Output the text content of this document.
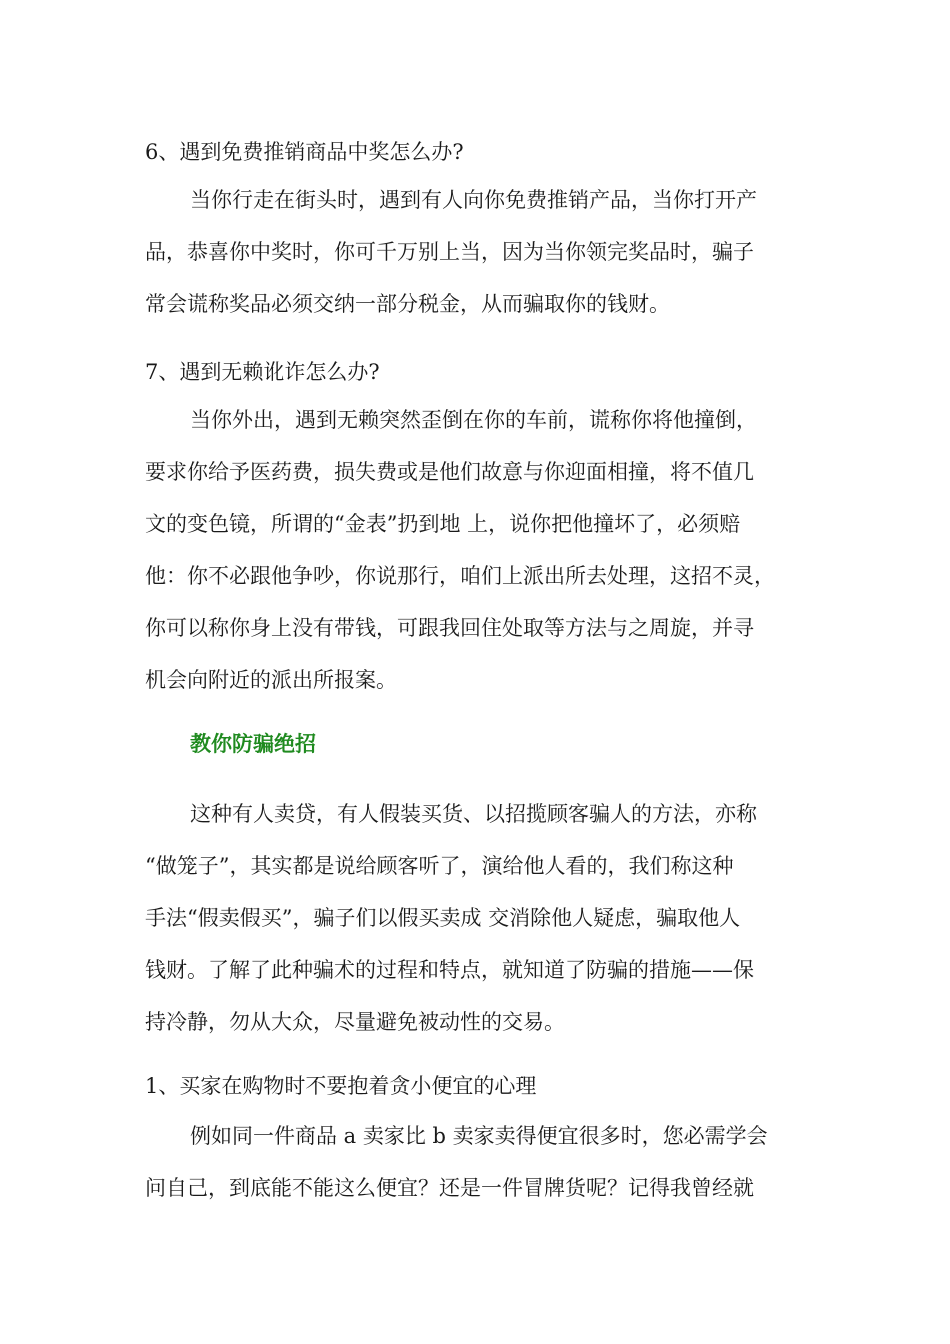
6、遇到免费推销商品中奖怎么办?
当你行走在街头时，遇到有人向你免费推销产品，当你打开产
品，恭喜你中奖时，你可千万别上当，因为当你领完奖品时，骗子
常会谎称奖品必须交纳一部分税金，从而骗取你的钱财。
7、遇到无赖讹诈怎么办?
当你外出，遇到无赖突然歪倒在你的车前，谎称你将他撞倒，
要求你给予医药费，损失费或是他们故意与你迎面相撞，将不值几
文的变色镜，所谓的“金表”扔到地 上，说你把他撞坏了，必须赔
他：你不必跟他争吵，你说那行，咱们上派出所去处理，这招不灵，
你可以称你身上没有带钱，可跟我回住处取等方法与之周旋，并寻
机会向附近的派出所报案。
教你防骗绝招
这种有人卖贷，有人假装买货、以招揽顾客骗人的方法，亦称
“做笼子”，其实都是说给顾客听了，演给他人看的，我们称这种
手法“假卖假买”，骗子们以假买卖成 交消除他人疑虑，骗取他人
钱财。了解了此种骗术的过程和特点，就知道了防骗的措施——保
持冷静，勿从大众，尽量避免被动性的交易。
1、买家在购物时不要抱着贪小便宜的心理
例如同一件商品 a 卖家比 b 卖家卖得便宜很多时，您必需学会
问自己，到底能不能这么便宜？还是一件冒牌货呢？记得我曾经就
